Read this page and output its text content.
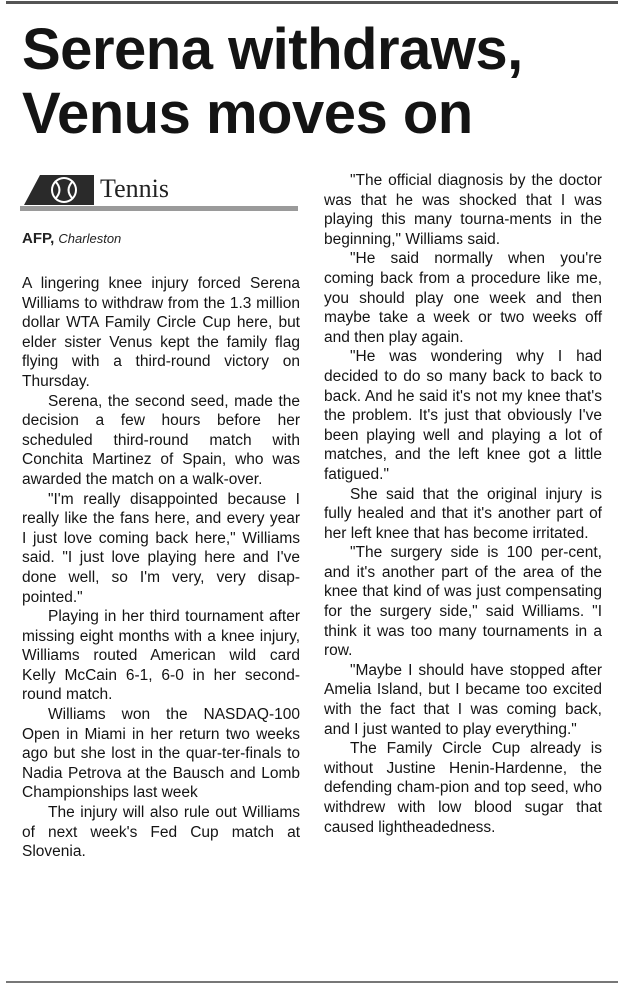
Serena withdraws,
Venus moves on
Tennis
AFP, Charleston

A lingering knee injury forced Serena Williams to withdraw from the 1.3 million dollar WTA Family Circle Cup here, but elder sister Venus kept the family flag flying with a third-round victory on Thursday.

Serena, the second seed, made the decision a few hours before her scheduled third-round match with Conchita Martinez of Spain, who was awarded the match on a walk-over.

"I'm really disappointed because I really like the fans here, and every year I just love coming back here," Williams said. "I just love playing here and I've done well, so I'm very, very disap-pointed."

Playing in her third tournament after missing eight months with a knee injury, Williams routed American wild card Kelly McCain 6-1, 6-0 in her second-round match.

Williams won the NASDAQ-100 Open in Miami in her return two weeks ago but she lost in the quar-ter-finals to Nadia Petrova at the Bausch and Lomb Championships last week

The injury will also rule out Williams of next week's Fed Cup match at Slovenia.

"The official diagnosis by the doctor was that he was shocked that I was playing this many tourna-ments in the beginning," Williams said.

"He said normally when you're coming back from a procedure like me, you should play one week and then maybe take a week or two weeks off and then play again.

"He was wondering why I had decided to do so many back to back to back. And he said it's not my knee that's the problem. It's just that obviously I've been playing well and playing a lot of matches, and the left knee got a little fatigued."

She said that the original injury is fully healed and that it's another part of her left knee that has become irritated.

"The surgery side is 100 per-cent, and it's another part of the area of the knee that kind of was just compensating for the surgery side," said Williams. "I think it was too many tournaments in a row.

"Maybe I should have stopped after Amelia Island, but I became too excited with the fact that I was coming back, and I just wanted to play everything."

The Family Circle Cup already is without Justine Henin-Hardenne, the defending cham-pion and top seed, who withdrew with low blood sugar that caused lightheadedness.
